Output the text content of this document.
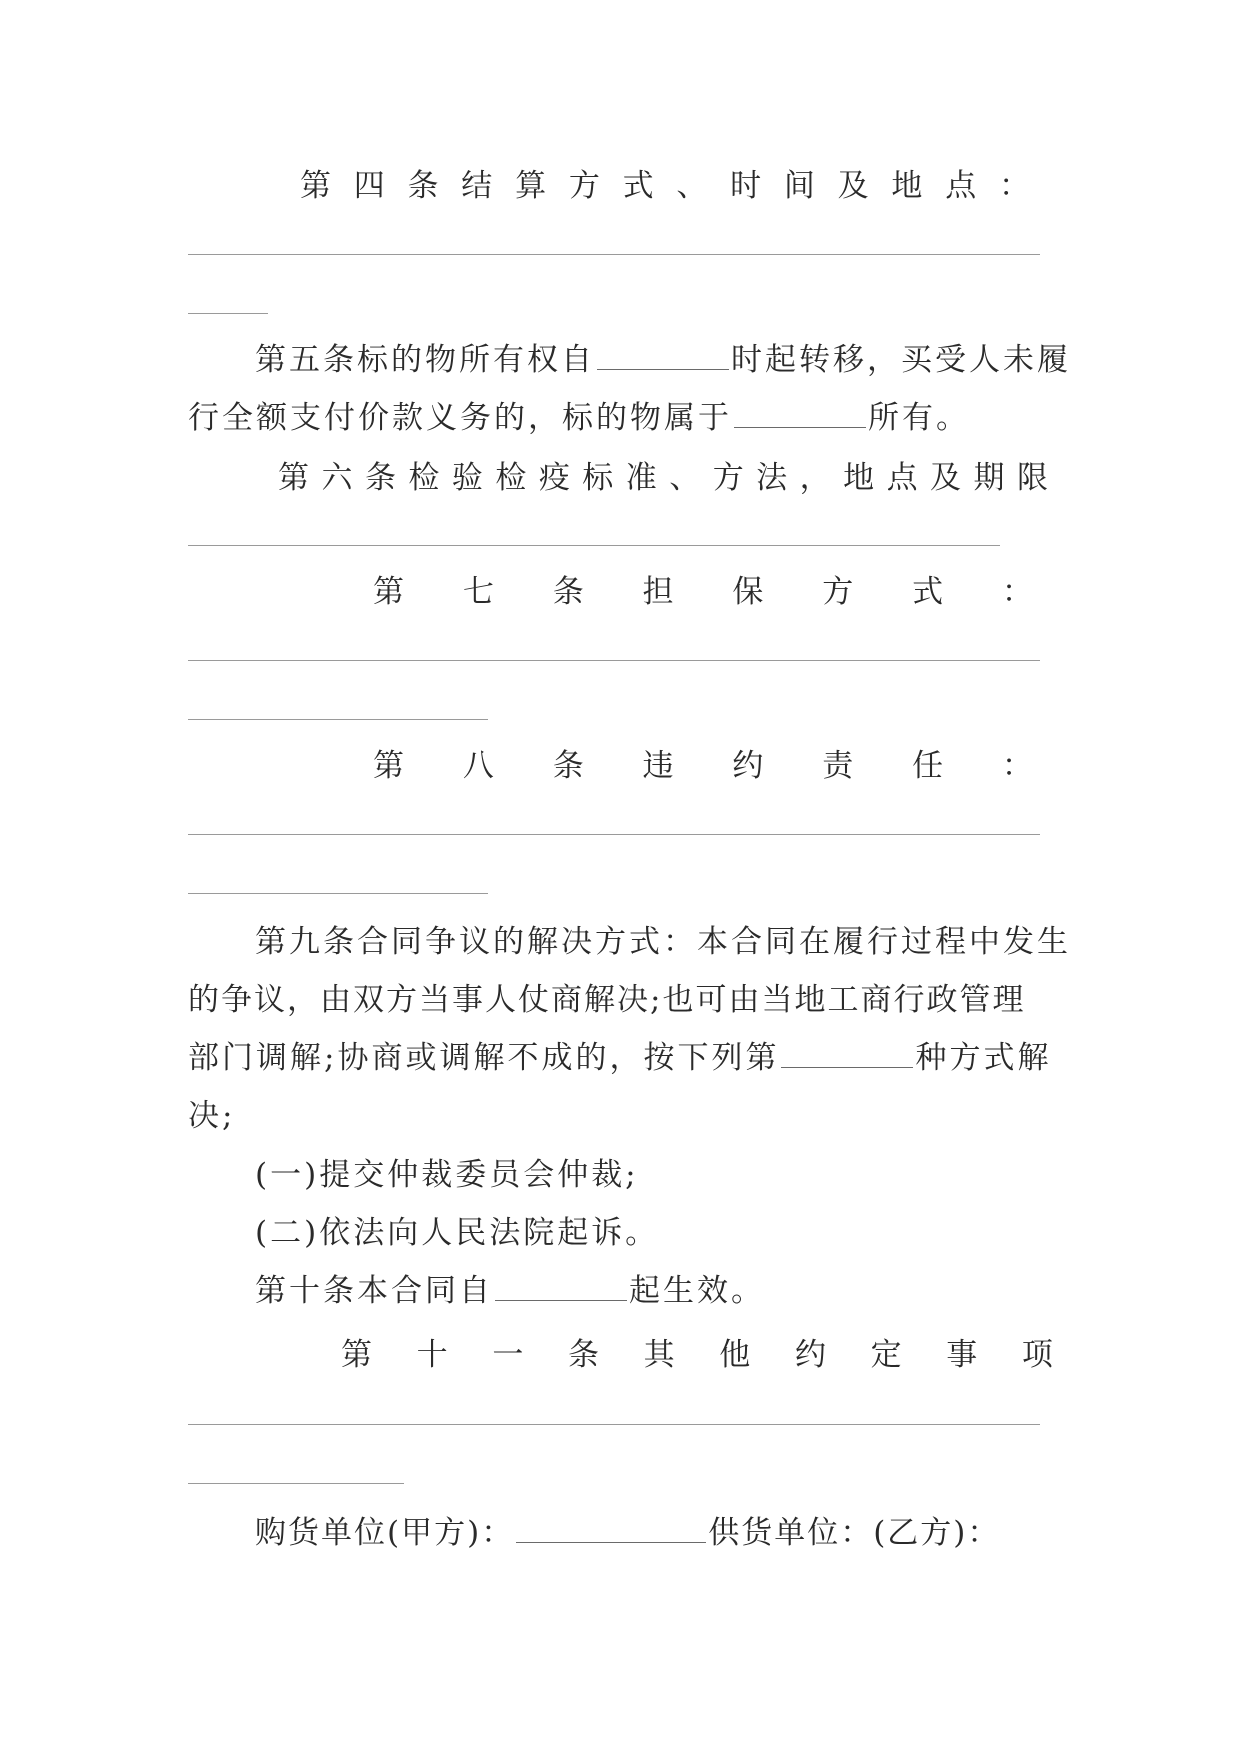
第 四 条 结 算 方 式 、 时 间 及 地 点 ：
第五条标的物所有权自	时起转移，买受人未履
行全额支付价款义务的，标的物属于	所有。
第 六 条 检 验 检 疫 标 准 、 方 法 ， 地 点 及 期 限
第 七 条 担 保 方 式 ：
第 八 条 违 约 责 任 ：
第九条合同争议的解决方式：本合同在履行过程中发生
的争议，由双方当事人仗商解决;也可由当地工商行政管理
部门调解;协商或调解不成的，按下列第	种方式解
决;
(一)提交仲裁委员会仲裁;
(二)依法向人民法院起诉。
第十条本合同自	起生效。
第 十 一 条 其 他 约 定 事 项
购货单位(甲方)：	供货单位：(乙方)：
